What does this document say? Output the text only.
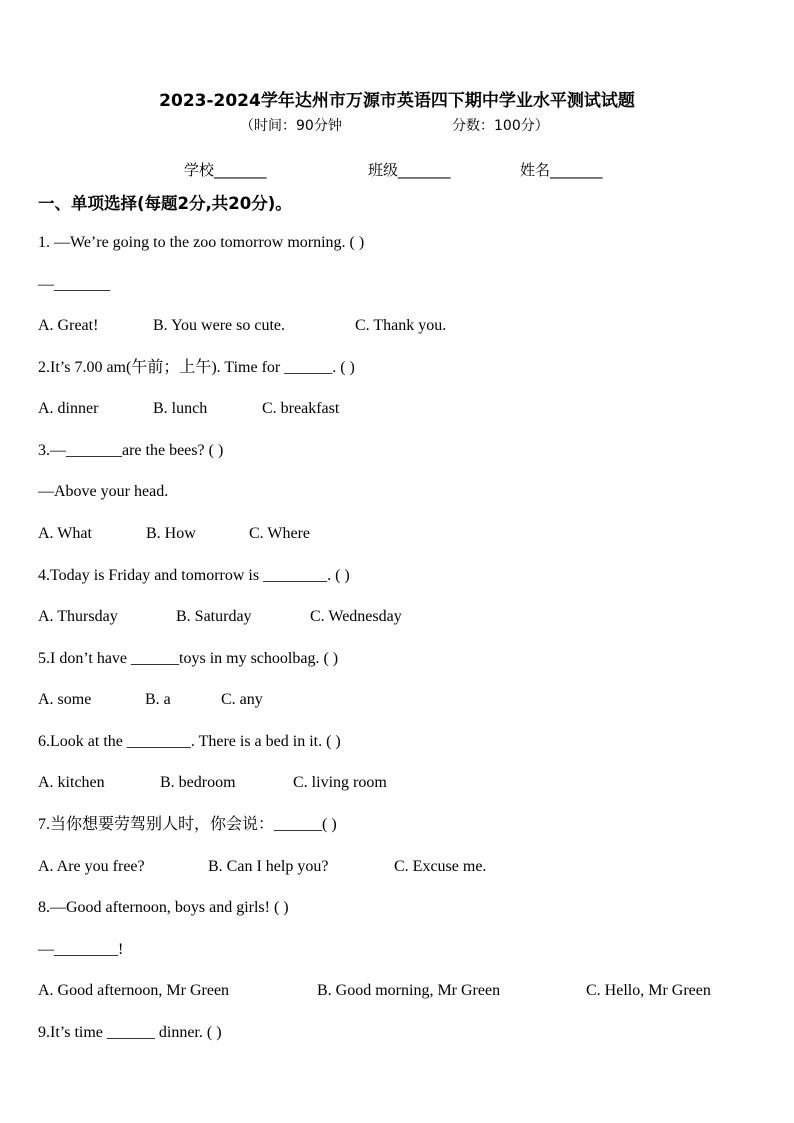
2023-2024学年达州市万源市英语四下期中学业水平测试试题
（时间：90分钟	分数：100分）
学校_______	班级_______	姓名_______
一、单项选择(每题2分,共20分)。
1. —We’re going to the zoo tomorrow morning. ( )
—_______
A. Great!	B. You were so cute.	C. Thank you.
2.It’s 7.00 am(午前；上午). Time for ______. ( )
A. dinner	B. lunch	C. breakfast
3.—_______are the bees? ( )
—Above your head.
A. What	B. How	C. Where
4.Today is Friday and tomorrow is ________. ( )
A. Thursday	B. Saturday	C. Wednesday
5.I don’t have ______toys in my schoolbag. ( )
A. some	B. a	C. any
6.Look at the ________. There is a bed in it. ( )
A. kitchen	B. bedroom	C. living room
7.当你想要劳驾别人时，你会说：______( )
A. Are you free?	B. Can I help you?	C. Excuse me.
8.—Good afternoon, boys and girls! ( )
—________!
A. Good afternoon, Mr Green	B. Good morning, Mr Green	C. Hello, Mr Green
9.It’s time ______ dinner. ( )
